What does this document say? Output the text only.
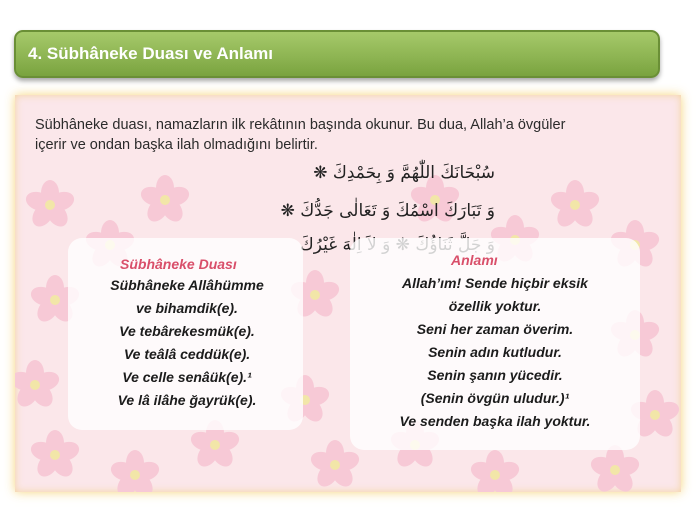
4. Sübhâneke Duası ve Anlamı

Sübhâneke duası, namazların ilk rekâtının başında okunur. Bu dua, Allah’a övgüler
içerir ve ondan başka ilah olmadığını belirtir.

سُبْحَانَكَ اللّٰهُمَّ وَ بِحَمْدِكَ ❋

وَ تَبَارَكَ اسْمُكَ وَ تَعَالٰى جَدُّكَ ❋

غَيْرُكَ

Sübhâneke Duası	Anlamı

Sübhâneke Allâhümme
ve bihamdik(e).
Ve tebârekesmük(e).
Ve teâlâ ceddük(e).
Ve celle senâük(e).¹
Ve lâ ilâhe ğayrük(e).
Allah’ım! Sende hiçbir eksik
özellik yoktur.
Seni her zaman överim.
Senin adın kutludur.
Senin şanın yücedir.
(Senin övgün uludur.)¹
Ve senden başka ilah yoktur.
